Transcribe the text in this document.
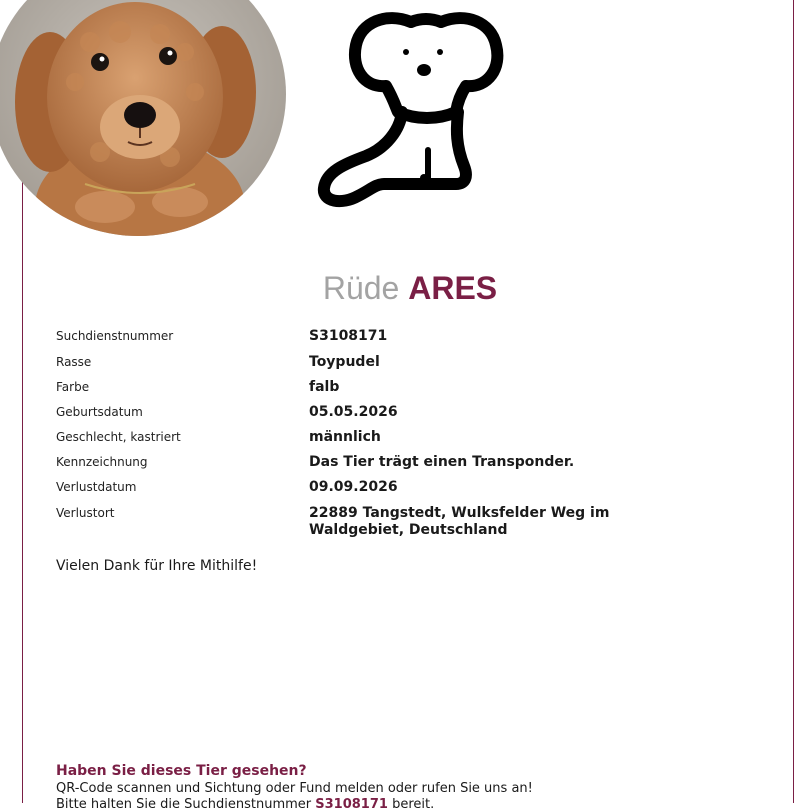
Rüde ARES
Suchdienstnummer	S3108171
Rasse	Toypudel
Farbe	falb
Geburtsdatum	05.05.2026
Geschlecht, kastriert	männlich
Kennzeichnung	Das Tier trägt einen Transponder.
Verlustdatum	09.09.2026
Verlustort	22889 Tangstedt, Wulksfelder Weg im Waldgebiet, Deutschland
Vielen Dank für Ihre Mithilfe!
Haben Sie dieses Tier gesehen?
QR-Code scannen und Sichtung oder Fund melden oder rufen Sie uns an!
Bitte halten Sie die Suchdienstnummer S3108171 bereit.
